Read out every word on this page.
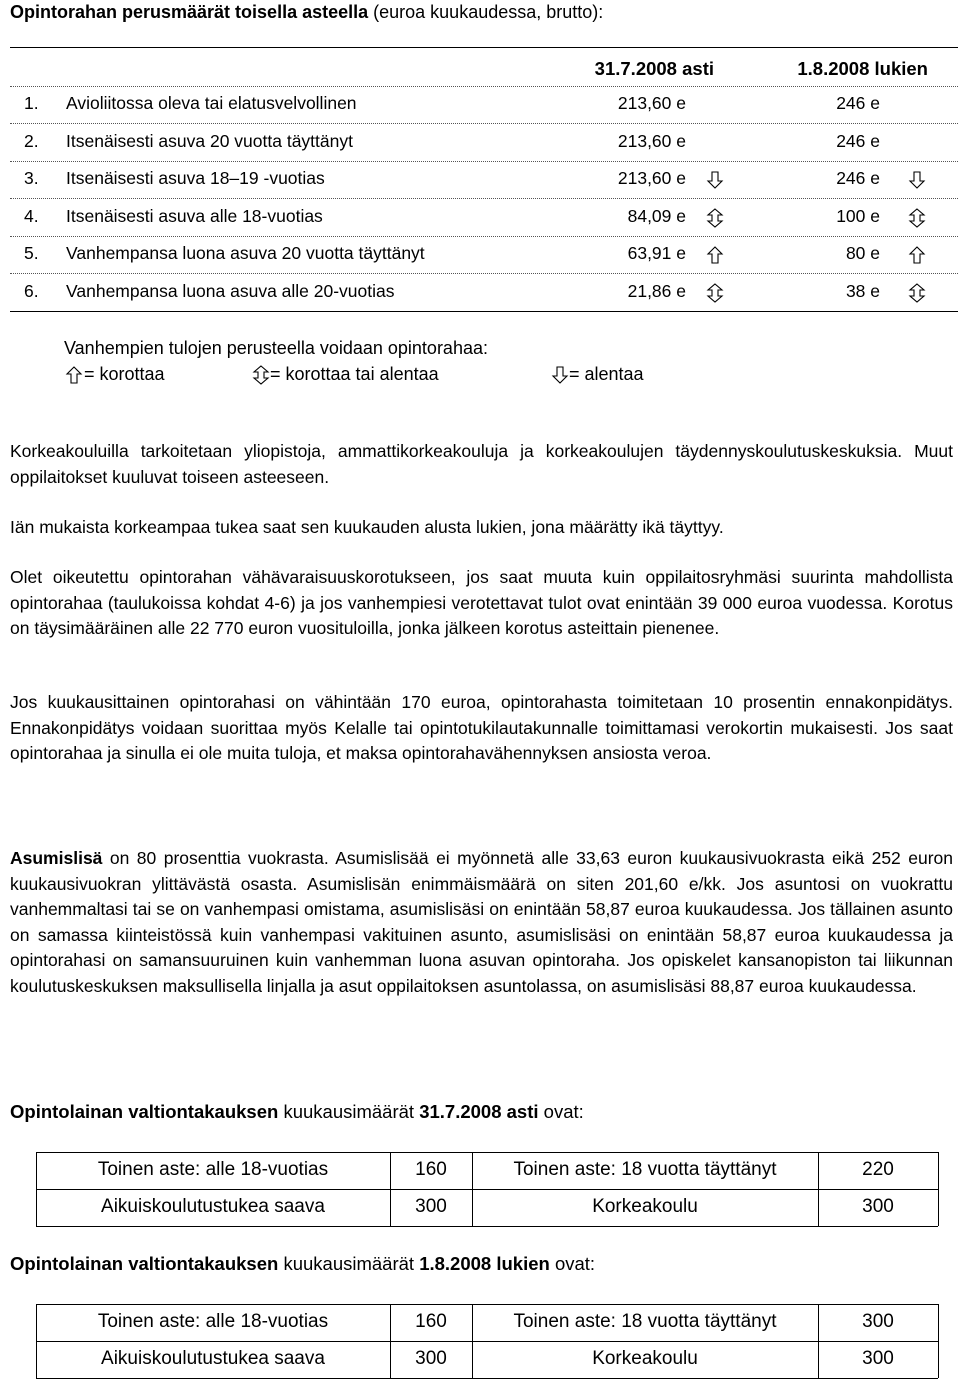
Opintorahan perusmäärät toisella asteella (euroa kuukaudessa, brutto):
31.7.2008 asti	1.8.2008 lukien
1. Avioliitossa oleva tai elatusvelvollinen	213,60 e	246 e
2. Itsenäisesti asuva 20 vuotta täyttänyt	213,60 e	246 e
3. Itsenäisesti asuva 18–19 -vuotias	213,60 e	246 e
4. Itsenäisesti asuva alle 18-vuotias	84,09 e	100 e
5. Vanhempansa luona asuva 20 vuotta täyttänyt	63,91 e	80 e
6. Vanhempansa luona asuva alle 20-vuotias	21,86 e	38 e
Vanhempien tulojen perusteella voidaan opintorahaa:
= korottaa	= korottaa tai alentaa	= alentaa

Korkeakouluilla tarkoitetaan yliopistoja, ammattikorkeakouluja ja korkeakoulujen täydennyskoulutuskeskuksia. Muut oppilaitokset kuuluvat toiseen asteeseen.

Iän mukaista korkeampaa tukea saat sen kuukauden alusta lukien, jona määrätty ikä täyttyy.

Olet oikeutettu opintorahan vähävaraisuuskorotukseen, jos saat muuta kuin oppilaitosryhmäsi suurinta mahdollista opintorahaa (taulukoissa kohdat 4-6) ja jos vanhempiesi verotettavat tulot ovat enintään 39 000 euroa vuodessa. Korotus on täysimääräinen alle 22 770 euron vuosituloilla, jonka jälkeen korotus asteittain pienenee.

Jos kuukausittainen opintorahasi on vähintään 170 euroa, opintorahasta toimitetaan 10 prosentin ennakonpidätys. Ennakonpidätys voidaan suorittaa myös Kelalle tai opintotukilautakunnalle toimittamasi verokortin mukaisesti. Jos saat opintorahaa ja sinulla ei ole muita tuloja, et maksa opintorahavähennyksen ansiosta veroa.

Asumislisä on 80 prosenttia vuokrasta. Asumislisää ei myönnetä alle 33,63 euron kuukausivuokrasta eikä 252 euron kuukausivuokran ylittävästä osasta. Asumislisän enimmäismäärä on siten 201,60 e/kk. Jos asuntosi on vuokrattu vanhemmaltasi tai se on vanhempasi omistama, asumislisäsi on enintään 58,87 euroa kuukaudessa. Jos tällainen asunto on samassa kiinteistössä kuin vanhempasi vakituinen asunto, asumislisäsi on enintään 58,87 euroa kuukaudessa ja opintorahasi on samansuuruinen kuin vanhemman luona asuvan opintoraha. Jos opiskelet kansanopiston tai liikunnan koulutuskeskuksen maksullisella linjalla ja asut oppilaitoksen asuntolassa, on asumislisäsi 88,87 euroa kuukaudessa.

Opintolainan valtiontakauksen kuukausimäärät 31.7.2008 asti ovat:
Toinen aste: alle 18-vuotias	160	Toinen aste: 18 vuotta täyttänyt	220
Aikuiskoulutustukea saava	300	Korkeakoulu	300
Opintolainan valtiontakauksen kuukausimäärät 1.8.2008 lukien ovat:
Toinen aste: alle 18-vuotias	160	Toinen aste: 18 vuotta täyttänyt	300
Aikuiskoulutustukea saava	300	Korkeakoulu	300
